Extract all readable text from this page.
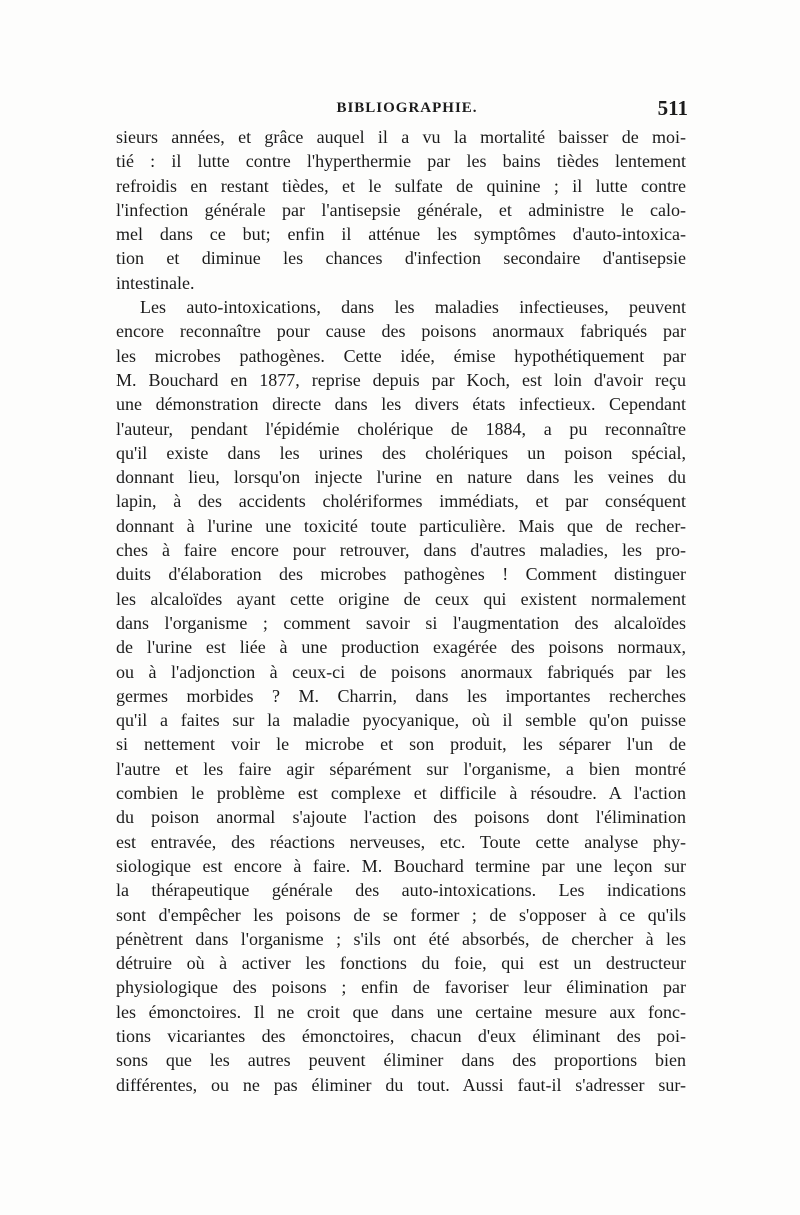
BIBLIOGRAPHIE.	511
sieurs années, et grâce auquel il a vu la mortalité baisser de moi-
tié : il lutte contre l'hyperthermie par les bains tièdes lentement
refroidis en restant tièdes, et le sulfate de quinine ; il lutte contre
l'infection générale par l'antisepsie générale, et administre le calo-
mel dans ce but; enfin il atténue les symptômes d'auto-intoxica-
tion et diminue les chances d'infection secondaire d'antisepsie
intestinale.
Les auto-intoxications, dans les maladies infectieuses, peuvent
encore reconnaître pour cause des poisons anormaux fabriqués par
les microbes pathogènes. Cette idée, émise hypothétiquement par
M. Bouchard en 1877, reprise depuis par Koch, est loin d'avoir reçu
une démonstration directe dans les divers états infectieux. Cependant
l'auteur, pendant l'épidémie cholérique de 1884, a pu reconnaître
qu'il existe dans les urines des cholériques un poison spécial,
donnant lieu, lorsqu'on injecte l'urine en nature dans les veines du
lapin, à des accidents cholériformes immédiats, et par conséquent
donnant à l'urine une toxicité toute particulière. Mais que de recher-
ches à faire encore pour retrouver, dans d'autres maladies, les pro-
duits d'élaboration des microbes pathogènes ! Comment distinguer
les alcaloïdes ayant cette origine de ceux qui existent normalement
dans l'organisme ; comment savoir si l'augmentation des alcaloïdes
de l'urine est liée à une production exagérée des poisons normaux,
ou à l'adjonction à ceux-ci de poisons anormaux fabriqués par les
germes morbides ? M. Charrin, dans les importantes recherches
qu'il a faites sur la maladie pyocyanique, où il semble qu'on puisse
si nettement voir le microbe et son produit, les séparer l'un de
l'autre et les faire agir séparément sur l'organisme, a bien montré
combien le problème est complexe et difficile à résoudre. A l'action
du poison anormal s'ajoute l'action des poisons dont l'élimination
est entravée, des réactions nerveuses, etc. Toute cette analyse phy-
siologique est encore à faire. M. Bouchard termine par une leçon sur
la thérapeutique générale des auto-intoxications. Les indications
sont d'empêcher les poisons de se former ; de s'opposer à ce qu'ils
pénètrent dans l'organisme ; s'ils ont été absorbés, de chercher à les
détruire où à activer les fonctions du foie, qui est un destructeur
physiologique des poisons ; enfin de favoriser leur élimination par
les émonctoires. Il ne croit que dans une certaine mesure aux fonc-
tions vicariantes des émonctoires, chacun d'eux éliminant des poi-
sons que les autres peuvent éliminer dans des proportions bien
différentes, ou ne pas éliminer du tout. Aussi faut-il s'adresser sur-
